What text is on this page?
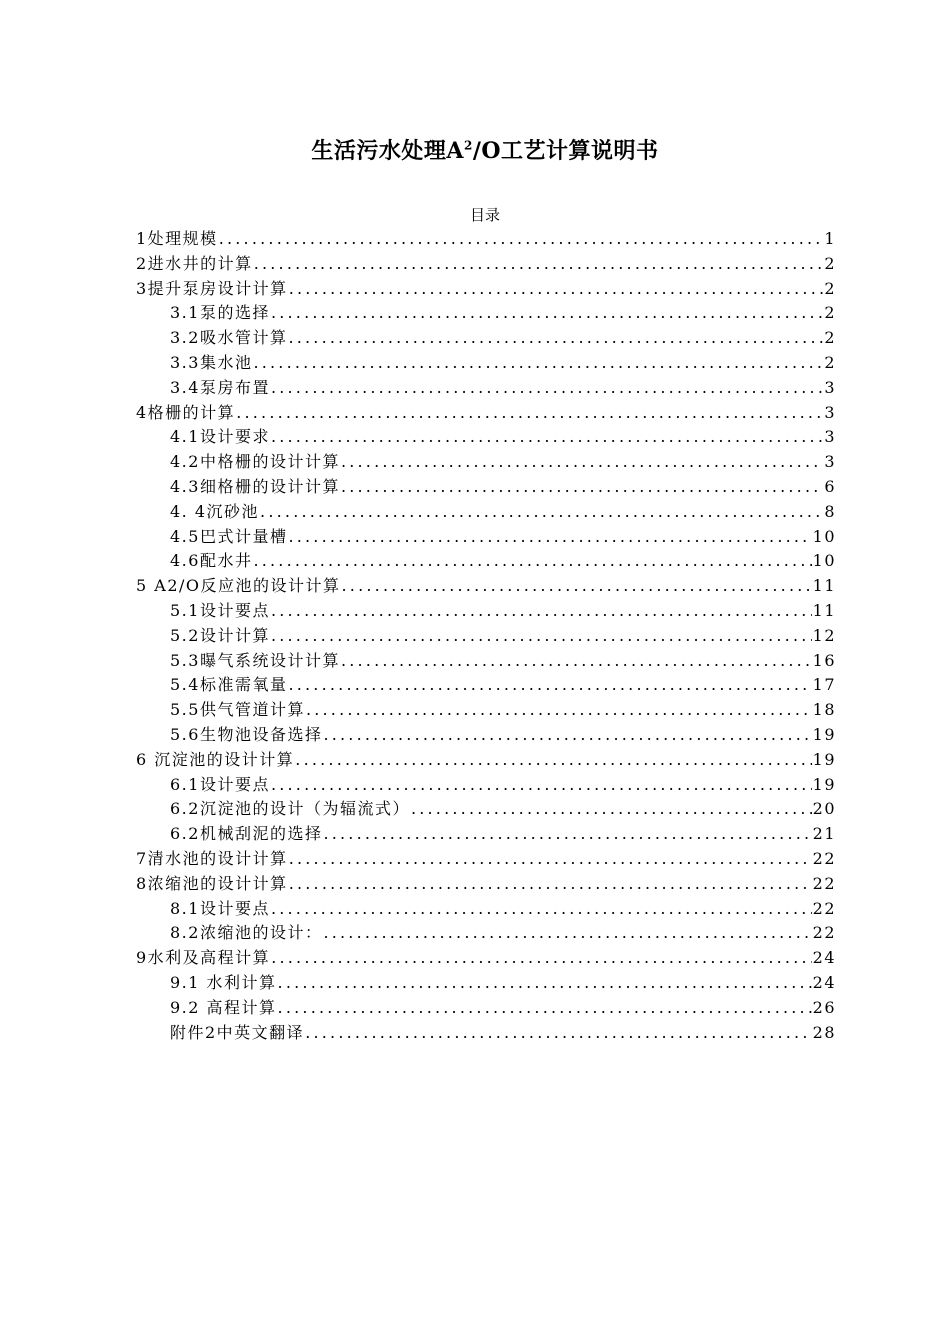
生活污水处理$A^2/O$工艺计算说明书
目录
1处理规模 .....	1
2进水井的计算 .....	2
3提升泵房设计计算 .....	2
3.1泵的选择 .....	2
3.2吸水管计算 .....	2
3.3集水池 .....	2
3.4泵房布置 .....	3
4格栅的计算 .....	3
4.1设计要求 .....	3
4.2中格栅的设计计算 .....	3
4.3细格栅的设计计算 .....	6
4. 4沉砂池 .....	8
4.5巴式计量槽 .....	10
4.6配水井 .....	10
5 A2/O反应池的设计计算 .....	11
5.1设计要点 .....	11
5.2设计计算 .....	12
5.3曝气系统设计计算 .....	16
5.4标准需氧量 .....	17
5.5供气管道计算 .....	18
5.6生物池设备选择 .....	19
6 沉淀池的设计计算 .....	19
6.1设计要点 .....	19
6.2沉淀池的设计（为辐流式） .....	20
6.2机械刮泥的选择 .....	21
7清水池的设计计算 .....	22
8浓缩池的设计计算 .....	22
8.1设计要点 .....	22
8.2浓缩池的设计： .....	22
9水利及高程计算 .....	24
9.1 水利计算 .....	24
9.2 高程计算 .....	26
附件2中英文翻译 .....	28
